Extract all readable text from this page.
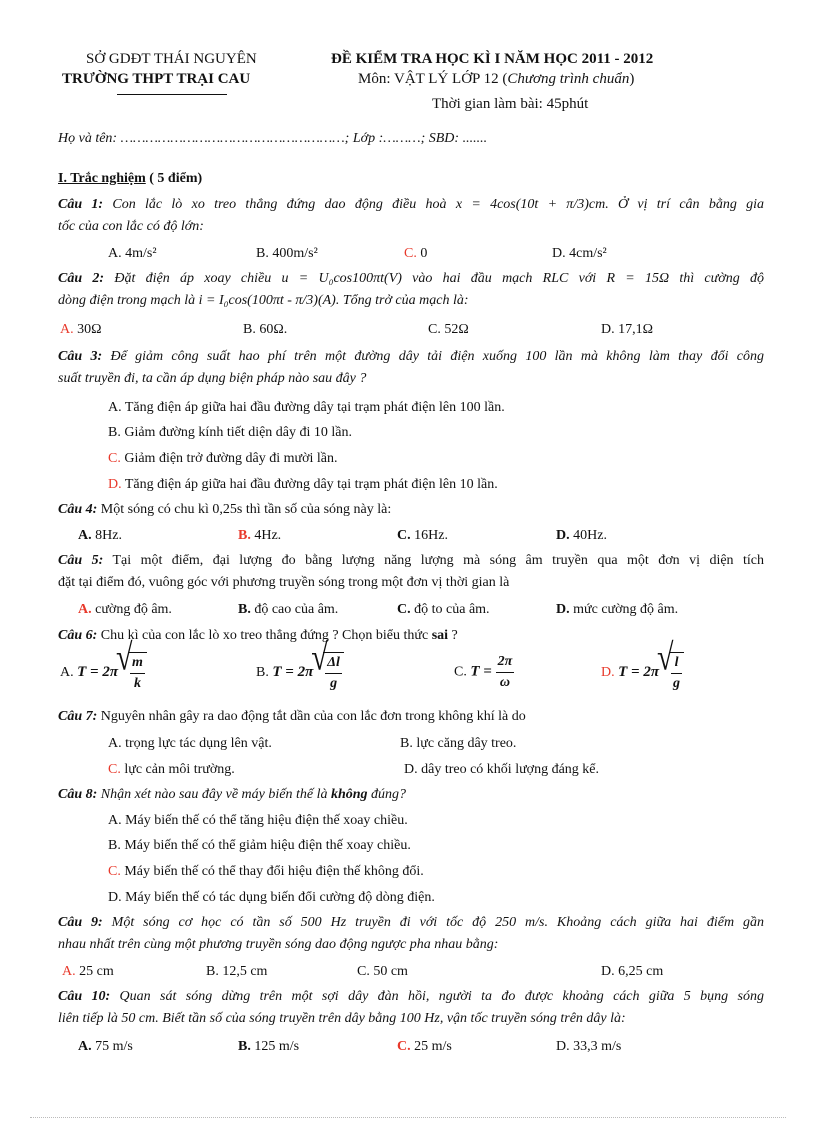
SỞ GDĐT THÁI NGUYÊN
TRƯỜNG THPT TRẠI CAU
ĐỀ KIỂM TRA HỌC KÌ I NĂM HỌC 2011 - 2012
Môn: VẬT LÝ LỚP 12 (Chương trình chuẩn)
Thời gian làm bài: 45phút
Họ và tên: ………………………………………………; Lớp :………; SBD: .......
I. Trắc nghiệm ( 5 điểm)
Câu 1: Con lắc lò xo treo thẳng đứng dao động điều hoà x = 4cos(10t + π/3)cm. Ở vị trí cân bằng gia
tốc của con lắc có độ lớn:
A. 4m/s²	B. 400m/s²	C. 0	D. 4cm/s²
Câu 2: Đặt điện áp xoay chiều u = U₀cos100πt(V) vào hai đầu mạch RLC với R = 15Ω thì cường độ
dòng điện trong mạch là i = I₀cos(100πt - π/3)(A). Tổng trở của mạch là:
A. 30Ω	B. 60Ω.	C. 52Ω	D. 17,1Ω
Câu 3: Để giảm công suất hao phí trên một đường dây tải điện xuống 100 lần mà không làm thay đổi công
suất truyền đi, ta cần áp dụng biện pháp nào sau đây ?
A. Tăng điện áp giữa hai đầu đường dây tại trạm phát điện lên 100 lần.
B. Giảm đường kính tiết diện dây đi 10 lần.
C. Giảm điện trở đường dây đi mười lần.
D. Tăng điện áp giữa hai đầu đường dây tại trạm phát điện lên 10 lần.
Câu 4: Một sóng có chu kì 0,25s thì tần số của sóng này là:
A. 8Hz.	B. 4Hz.	C. 16Hz.	D. 40Hz.
Câu 5: Tại một điểm, đại lượng đo bằng lượng năng lượng mà sóng âm truyền qua một đơn vị diện tích
đặt tại điểm đó, vuông góc với phương truyền sóng trong một đơn vị thời gian là
A. cường độ âm.	B. độ cao của âm.	C. độ to của âm.	D. mức cường độ âm.
Câu 6: Chu kì của con lắc lò xo treo thẳng đứng ? Chọn biểu thức sai ?
A. T = 2π √ $\frac{m}{k}$	B. T = 2π √ $\frac{\Delta l}{g}$	C. $T = \frac{2\pi}{\omega}$	D. T = 2π √ $\frac{l}{g}$
Câu 7: Nguyên nhân gây ra dao động tắt dần của con lắc đơn trong không khí là do
A. trọng lực tác dụng lên vật.	B. lực căng dây treo.
C. lực cản môi trường.	D. dây treo có khối lượng đáng kể.
Câu 8: Nhận xét nào sau đây về máy biến thế là không đúng?
A. Máy biến thế có thể tăng hiệu điện thế xoay chiều.
B. Máy biến thế có thể giảm hiệu điện thế xoay chiều.
C. Máy biến thế có thể thay đổi hiệu điện thế không đổi.
D. Máy biến thế có tác dụng biến đổi cường độ dòng điện.
Câu 9: Một sóng cơ học có tần số 500 Hz truyền đi với tốc độ 250 m/s. Khoảng cách giữa hai điểm gần
nhau nhất trên cùng một phương truyền sóng dao động ngược pha nhau bằng:
A. 25 cm	B. 12,5 cm	C. 50 cm	D. 6,25 cm
Câu 10: Quan sát sóng dừng trên một sợi dây đàn hồi, người ta đo được khoảng cách giữa 5 bụng sóng
liên tiếp là 50 cm. Biết tần số của sóng truyền trên dây bằng 100 Hz, vận tốc truyền sóng trên dây là:
A. 75 m/s	B. 125 m/s	C. 25 m/s	D. 33,3 m/s
